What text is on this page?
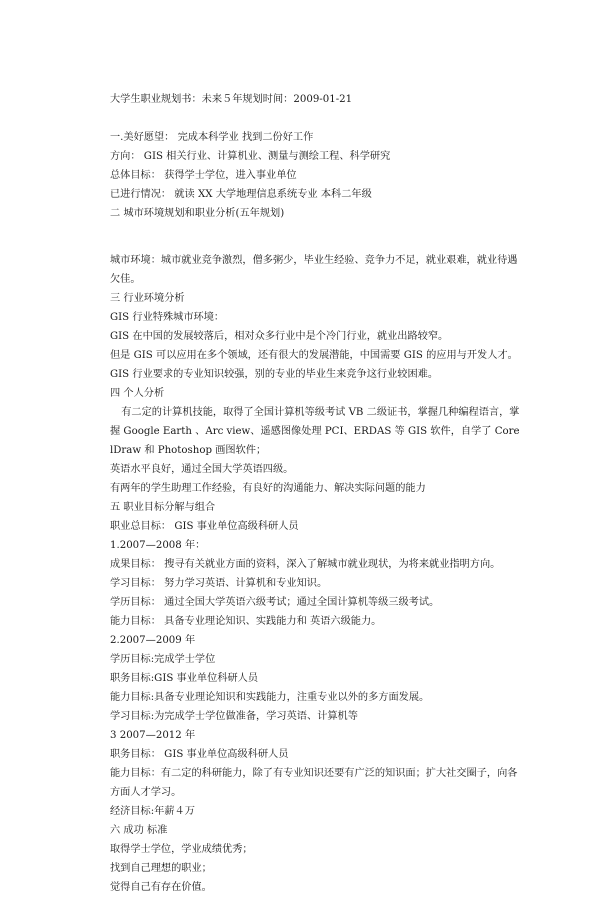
大学生职业规划书：未来５年规划时间：2009-01-21
一.美好愿望： 完成本科学业 找到二份好工作
方向： GIS 相关行业、计算机业、测量与测绘工程、科学研究
总体目标： 获得学士学位，进入事业单位
已进行情况： 就读 XX 大学地理信息系统专业 本科二年级
二 城市环境规划和职业分析(五年规划)
城市环境：城市就业竞争激烈，僧多粥少，毕业生经验、竞争力不足，就业艰难，就业待遇欠佳。
三 行业环境分析
GIS 行业特殊城市环境：
GIS 在中国的发展较落后，相对众多行业中是个冷门行业，就业出路较窄。
但是 GIS 可以应用在多个领域，还有很大的发展潜能，中国需要 GIS 的应用与开发人才。
GIS 行业要求的专业知识较强，别的专业的毕业生来竞争这行业较困难。
四 个人分析
有二定的计算机技能，取得了全国计算机等级考试 VB 二级证书，掌握几种编程语言，掌握 Google Earth 、Arc view、遥感图像处理 PCI、ERDAS 等 GIS 软件，自学了 CorelDraw 和 Photoshop 画图软件；
英语水平良好，通过全国大学英语四级。
有两年的学生助理工作经验，有良好的沟通能力、解决实际问题的能力
五 职业目标分解与组合
职业总目标： GIS 事业单位高级科研人员
1.2007—2008 年：
成果目标： 搜寻有关就业方面的资料，深入了解城市就业现状，为将来就业指明方向。
学习目标： 努力学习英语、计算机和专业知识。
学历目标： 通过全国大学英语六级考试；通过全国计算机等级三级考试。
能力目标： 具备专业理论知识、实践能力和 英语六级能力。
2.2007—2009 年
学历目标:完成学士学位
职务目标:GIS 事业单位科研人员
能力目标:具备专业理论知识和实践能力，注重专业以外的多方面发展。
学习目标:为完成学士学位做准备，学习英语、计算机等
3 2007—2012 年
职务目标： GIS 事业单位高级科研人员
能力目标：有二定的科研能力，除了有专业知识还要有广泛的知识面；扩大社交圈子，向各方面人才学习。
经济目标:年薪４万
六 成功 标准
取得学士学位，学业成绩优秀；
找到自己理想的职业；
觉得自己有存在价值。
